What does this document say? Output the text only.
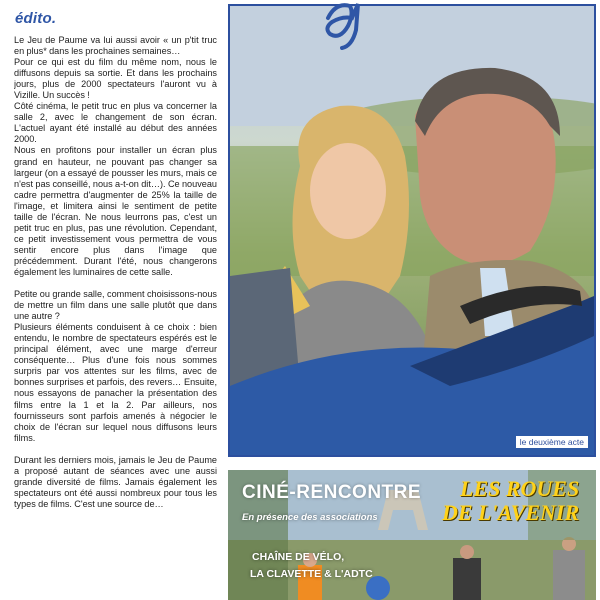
édito.

Le Jeu de Paume va lui aussi avoir « un p'tit truc en plus* dans les prochaines semaines…

Pour ce qui est du film du même nom, nous le diffusons depuis sa sortie. Et dans les prochains jours, plus de 2000 spectateurs l'auront vu à Vizille. Un succès !

Côté cinéma, le petit truc en plus va concerner la salle 2, avec le changement de son écran. L'actuel ayant été installé au début des années 2000.

Nous en profitons pour installer un écran plus grand en hauteur, ne pouvant pas changer sa largeur (on a essayé de pousser les murs, mais ce n'est pas conseillé, nous a-t-on dit…). Ce nouveau cadre permettra d'augmenter de 25% la taille de l'image, et limitera ainsi le sentiment de petite taille de l'écran. Ne nous leurrons pas, c'est un petit truc en plus, pas une révolution. Cependant, ce petit investissement vous permettra de vous sentir encore plus dans l'image que précédemment. Durant l'été, nous changerons également les luminaires de cette salle.

Petite ou grande salle, comment choisissons-nous de mettre un film dans une salle plutôt que dans une autre ?

Plusieurs éléments conduisent à ce choix : bien entendu, le nombre de spectateurs espérés est le principal élément, avec une marge d'erreur conséquente… Plus d'une fois nous sommes surpris par vos attentes sur les films, avec de bonnes surprises et parfois, des revers… Ensuite, nous essayons de panacher la présentation des films entre la 1 et la 2. Par ailleurs, nos fournisseurs sont parfois amenés à négocier le choix de l'écran sur lequel nous diffusons leurs films.

Durant les derniers mois, jamais le Jeu de Paume a proposé autant de séances avec une aussi grande diversité de films. Jamais également les spectateurs ont été aussi nombreux pour tous les types de films. C'est une source de…

le deuxième acte
CINÉ-RENCONTRE
En présence des associations
CHAÎNE DE VÉLO,
LA CLAVETTE & L'ADTC
LES ROUES
DE L'AVENIR
